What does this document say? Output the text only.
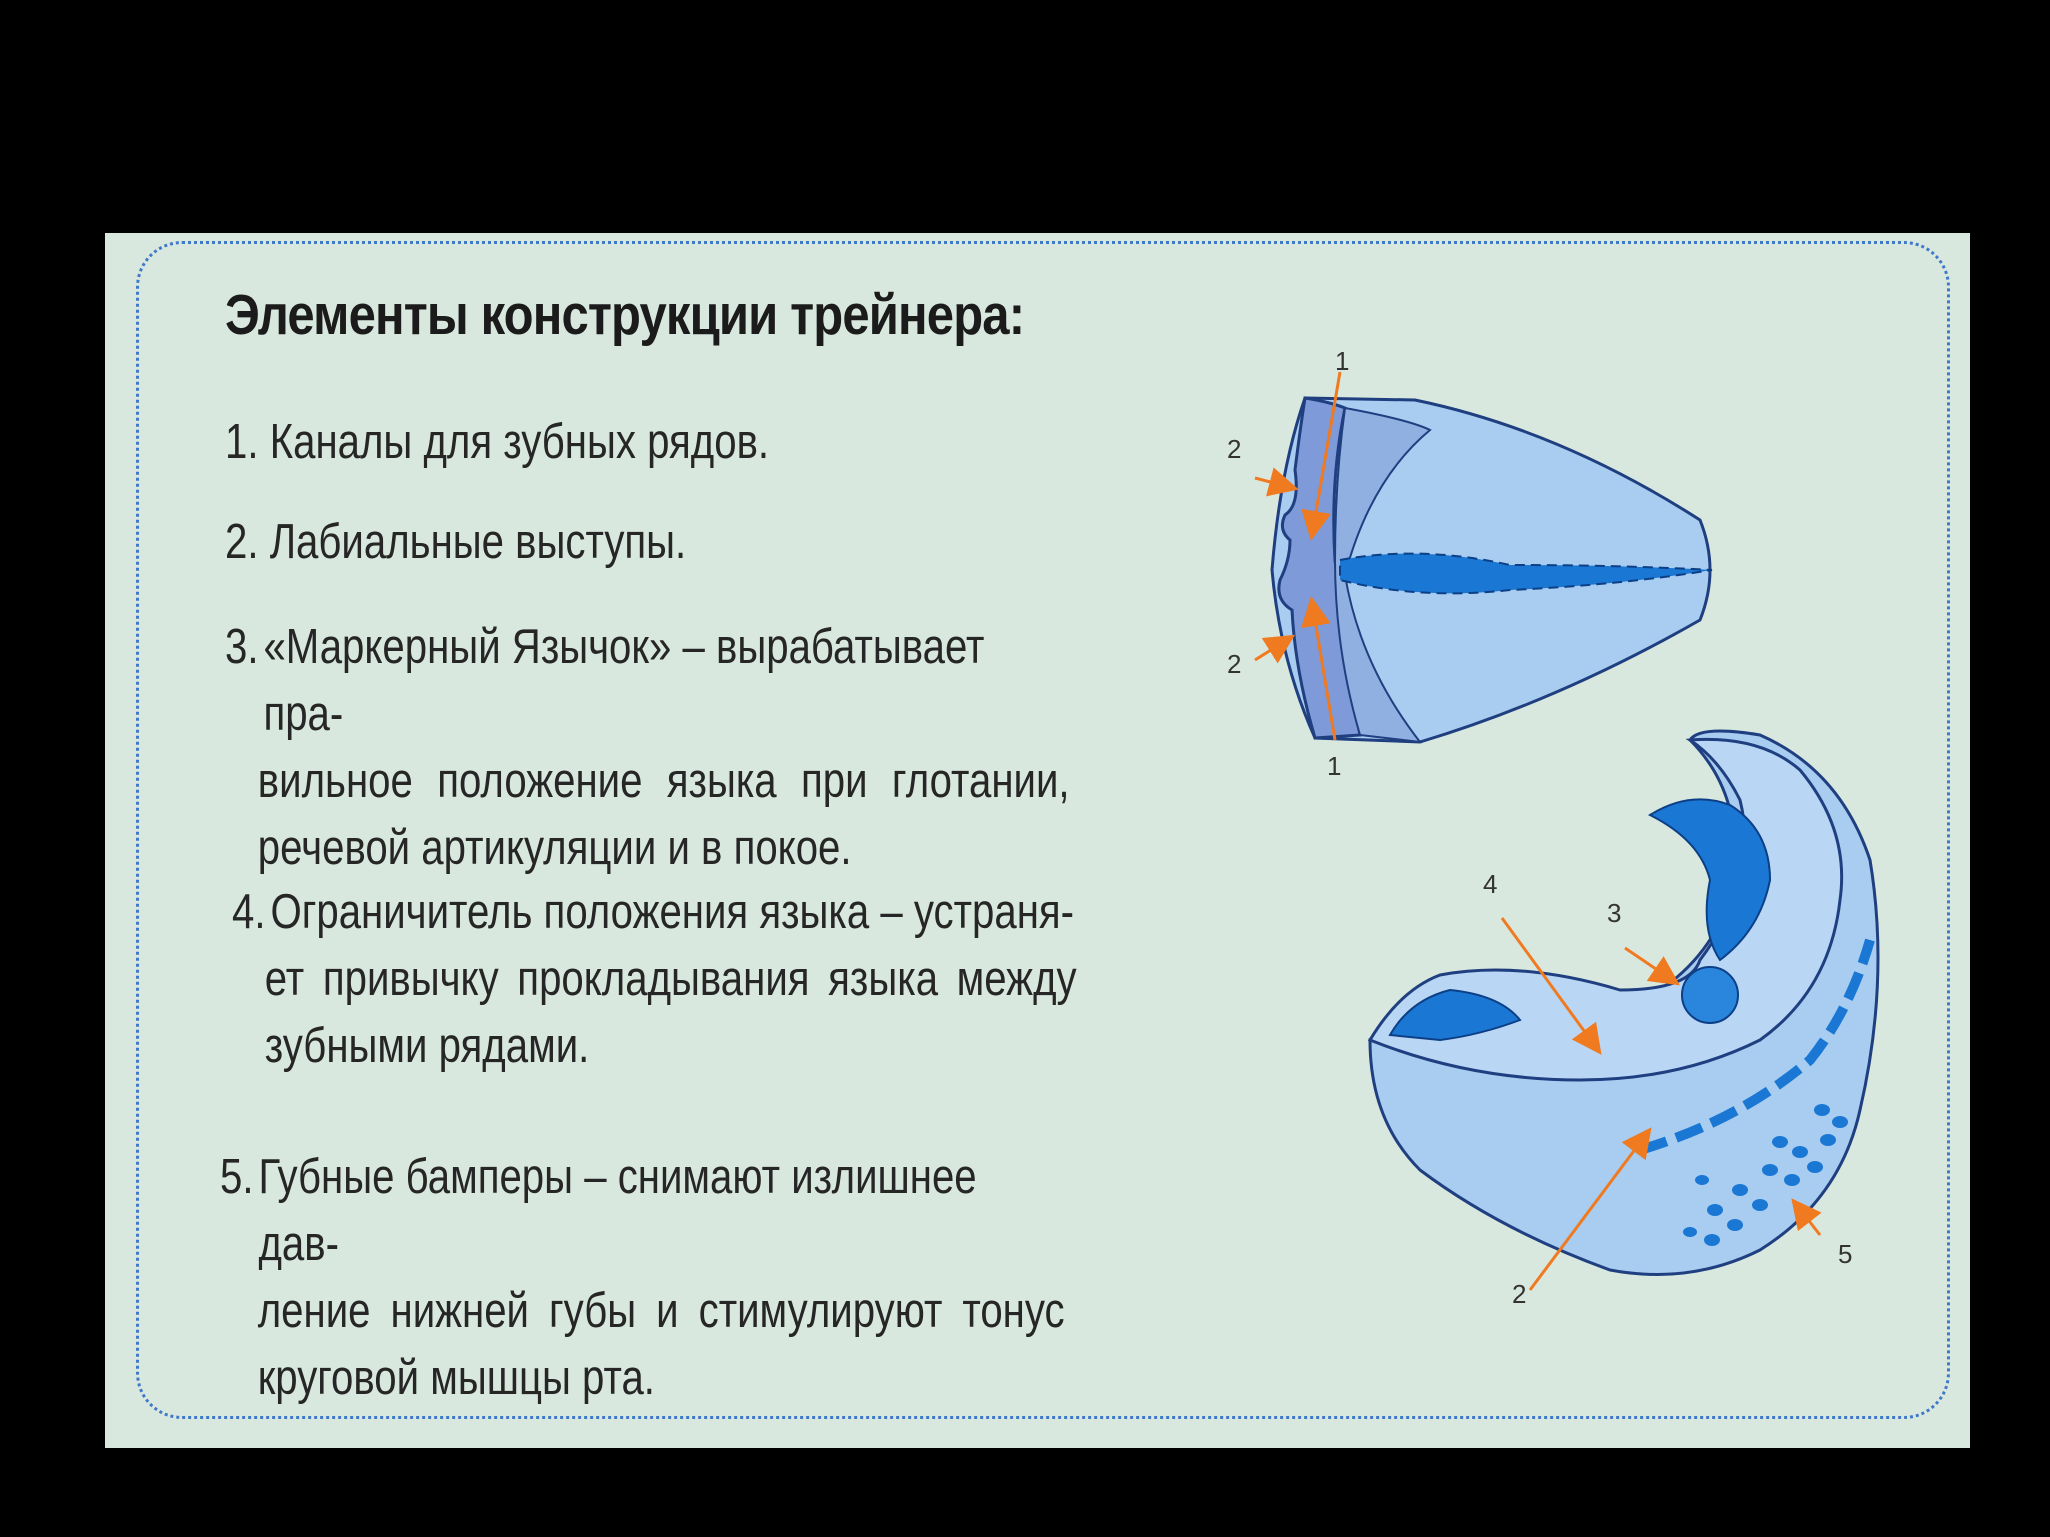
Элементы конструкции трейнера:
1. Каналы для зубных рядов.
2. Лабиальные выступы.
3. «Маркерный Язычок» – вырабатывает пра-
вильное положение языка при глотании,
речевой артикуляции и в покое.
4. Ограничитель положения языка – устраня-
ет привычку прокладывания языка между
зубными рядами.
5. Губные бамперы – снимают излишнее дав-
ление нижней губы и стимулируют тонус
круговой мышцы рта.
1
2
2
1
4
3
2
5
